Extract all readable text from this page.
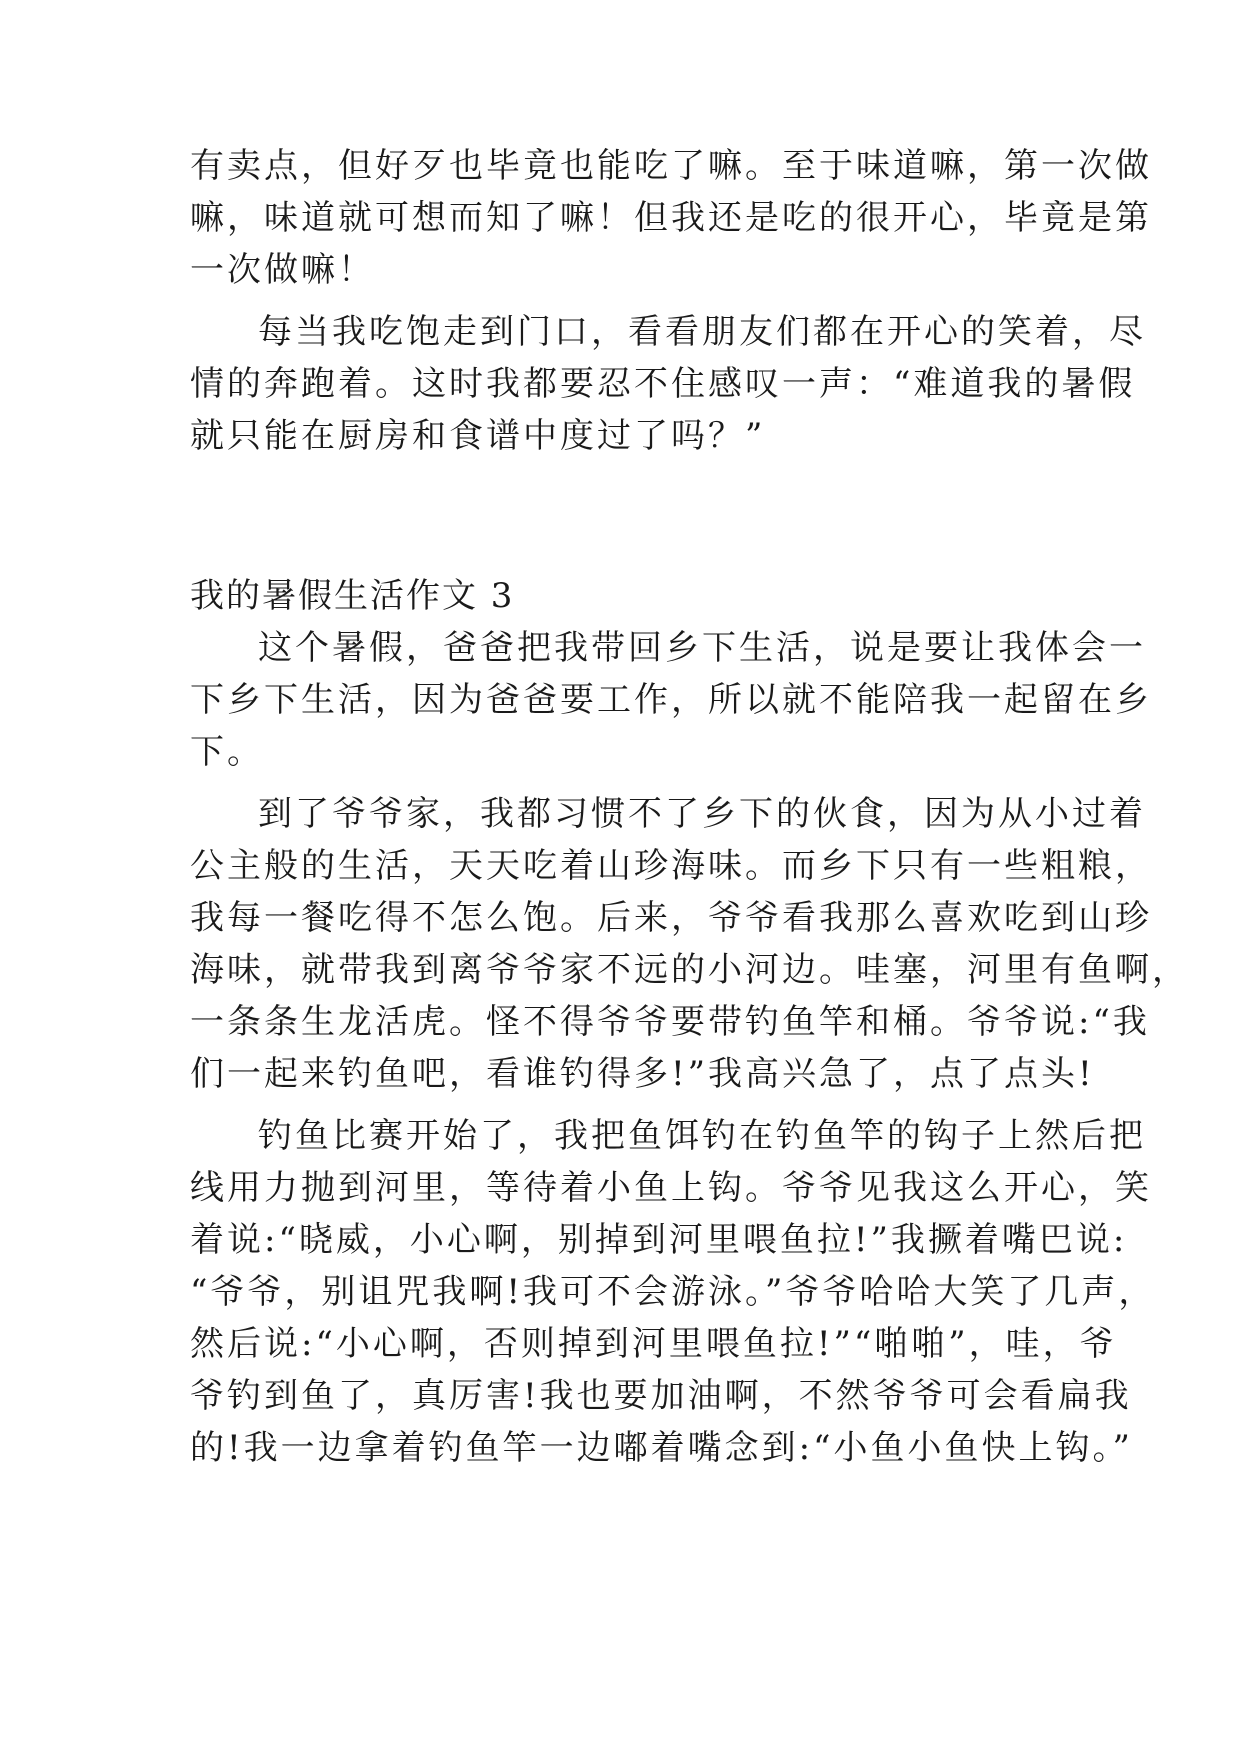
有卖点，但好歹也毕竟也能吃了嘛。至于味道嘛，第一次做
嘛，味道就可想而知了嘛！但我还是吃的很开心，毕竟是第
一次做嘛！
每当我吃饱走到门口，看看朋友们都在开心的笑着，尽
情的奔跑着。这时我都要忍不住感叹一声：“难道我的暑假
就只能在厨房和食谱中度过了吗？”
我的暑假生活作文 3
这个暑假，爸爸把我带回乡下生活，说是要让我体会一
下乡下生活，因为爸爸要工作，所以就不能陪我一起留在乡
下。
到了爷爷家，我都习惯不了乡下的伙食，因为从小过着
公主般的生活，天天吃着山珍海味。而乡下只有一些粗粮，
我每一餐吃得不怎么饱。后来，爷爷看我那么喜欢吃到山珍
海味，就带我到离爷爷家不远的小河边。哇塞，河里有鱼啊，
一条条生龙活虎。怪不得爷爷要带钓鱼竿和桶。爷爷说:“我
们一起来钓鱼吧，看谁钓得多!”我高兴急了，点了点头!
钓鱼比赛开始了，我把鱼饵钓在钓鱼竿的钩子上然后把
线用力抛到河里，等待着小鱼上钩。爷爷见我这么开心，笑
着说:“晓威，小心啊，别掉到河里喂鱼拉!”我撅着嘴巴说:
“爷爷，别诅咒我啊!我可不会游泳。”爷爷哈哈大笑了几声，
然后说:“小心啊，否则掉到河里喂鱼拉!”“啪啪”，哇，爷
爷钓到鱼了，真厉害!我也要加油啊，不然爷爷可会看扁我
的!我一边拿着钓鱼竿一边嘟着嘴念到:“小鱼小鱼快上钩。”
